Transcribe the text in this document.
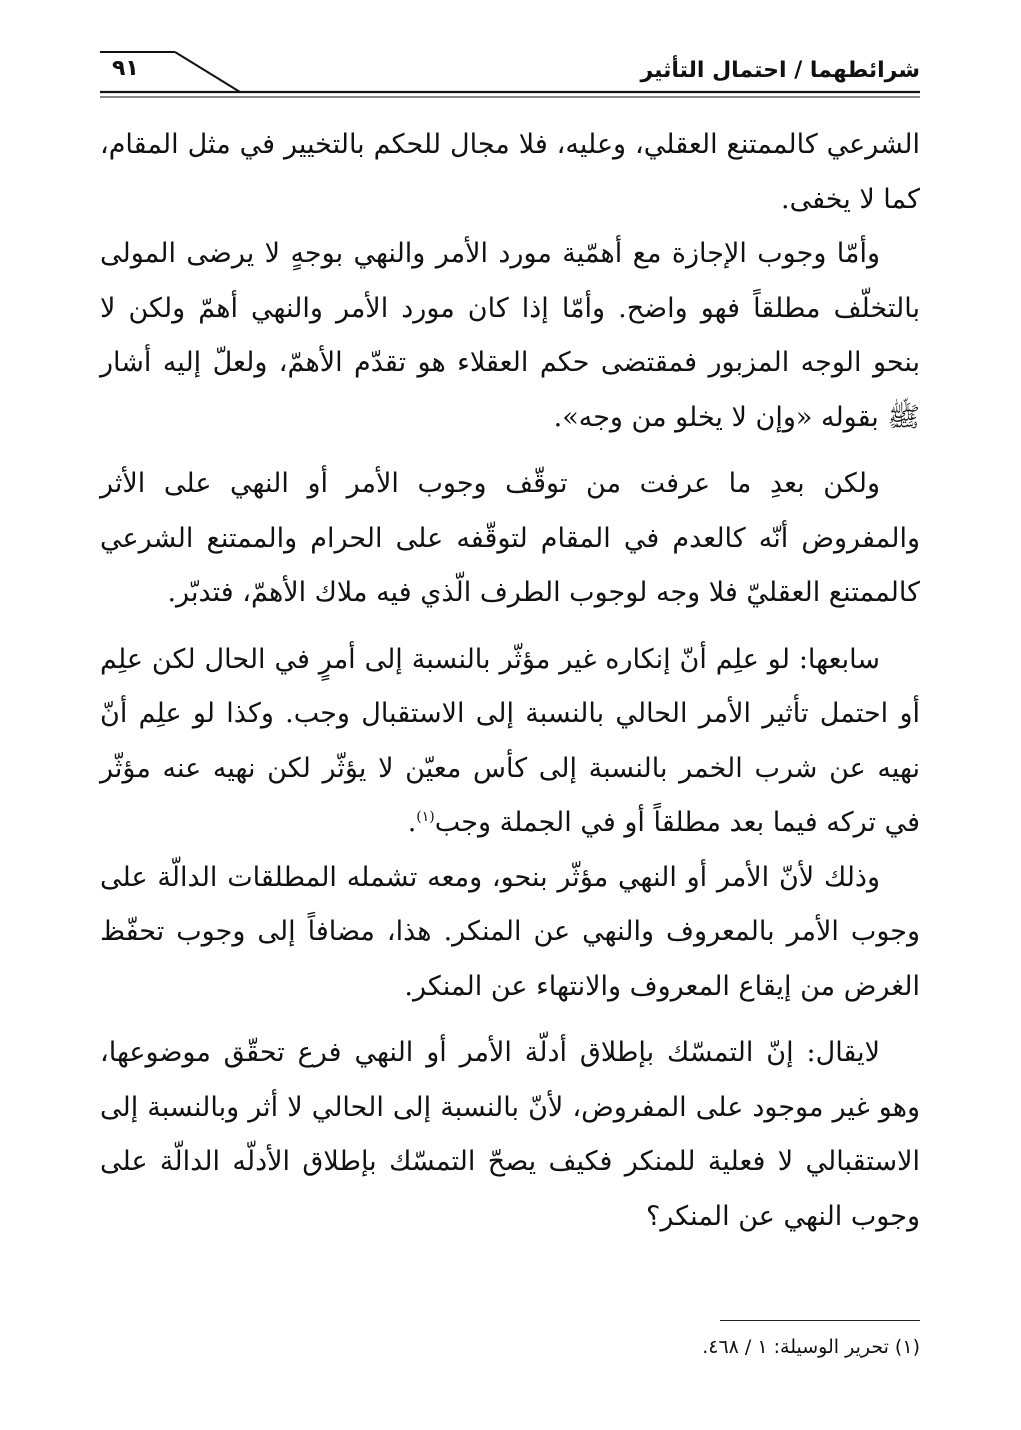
٩١	شرائطهما / احتمال التأثير

الشرعي كالممتنع العقلي، وعليه، فلا مجال للحكم بالتخيير في مثل المقام، كما لا يخفى.

وأمّا وجوب الإجازة مع أهمّية مورد الأمر والنهي بوجهٍ لا يرضى المولى بالتخلّف مطلقاً فهو واضح. وأمّا إذا كان مورد الأمر والنهي أهمّ ولكن لا بنحو الوجه المزبور فمقتضى حكم العقلاء هو تقدّم الأهمّ، ولعلّ إليه أشار ﷺ بقوله «وإن لا يخلو من وجه».

ولكن بعدِ ما عرفت من توقّف وجوب الأمر أو النهي على الأثر والمفروض أنّه كالعدم في المقام لتوقّفه على الحرام والممتنع الشرعي كالممتنع العقليّ فلا وجه لوجوب الطرف الّذي فيه ملاك الأهمّ، فتدبّر.

سابعها: لو علِم أنّ إنكاره غير مؤثّر بالنسبة إلى أمرٍ في الحال لكن علِم أو احتمل تأثير الأمر الحالي بالنسبة إلى الاستقبال وجب. وكذا لو علِم أنّ نهيه عن شرب الخمر بالنسبة إلى كأس معيّن لا يؤثّر لكن نهيه عنه مؤثّر في تركه فيما بعد مطلقاً أو في الجملة وجب$^{(١)}$.

وذلك لأنّ الأمر أو النهي مؤثّر بنحو، ومعه تشمله المطلقات الدالّة على وجوب الأمر بالمعروف والنهي عن المنكر. هذا، مضافاً إلى وجوب تحفّظ الغرض من إيقاع المعروف والانتهاء عن المنكر.

لايقال: إنّ التمسّك بإطلاق أدلّة الأمر أو النهي فرع تحقّق موضوعها، وهو غير موجود على المفروض، لأنّ بالنسبة إلى الحالي لا أثر وبالنسبة إلى الاستقبالي لا فعلية للمنكر فكيف يصحّ التمسّك بإطلاق الأدلّه الدالّة على وجوب النهي عن المنكر؟

(١) تحرير الوسيلة: ١ / ٤٦٨.
